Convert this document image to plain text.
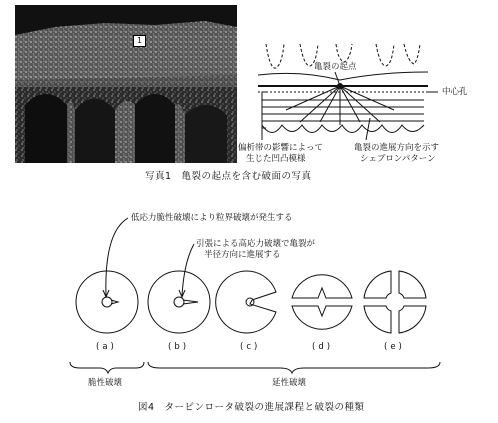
1
写真1　亀裂の起点を含む破面の写真
亀裂の起点
中心孔
偏析帯の影響によって
生じた凹凸模様
亀裂の進展方向を示す
シェブロンパターン
低応力脆性破壊により粒界破壊が発生する
引張による高応力破壊で亀裂が
半径方向に進展する
(a)	(b)	(c)	(d)	(e)
脆性破壊	延性破壊
図4　タービンロータ破裂の進展課程と破裂の種類
